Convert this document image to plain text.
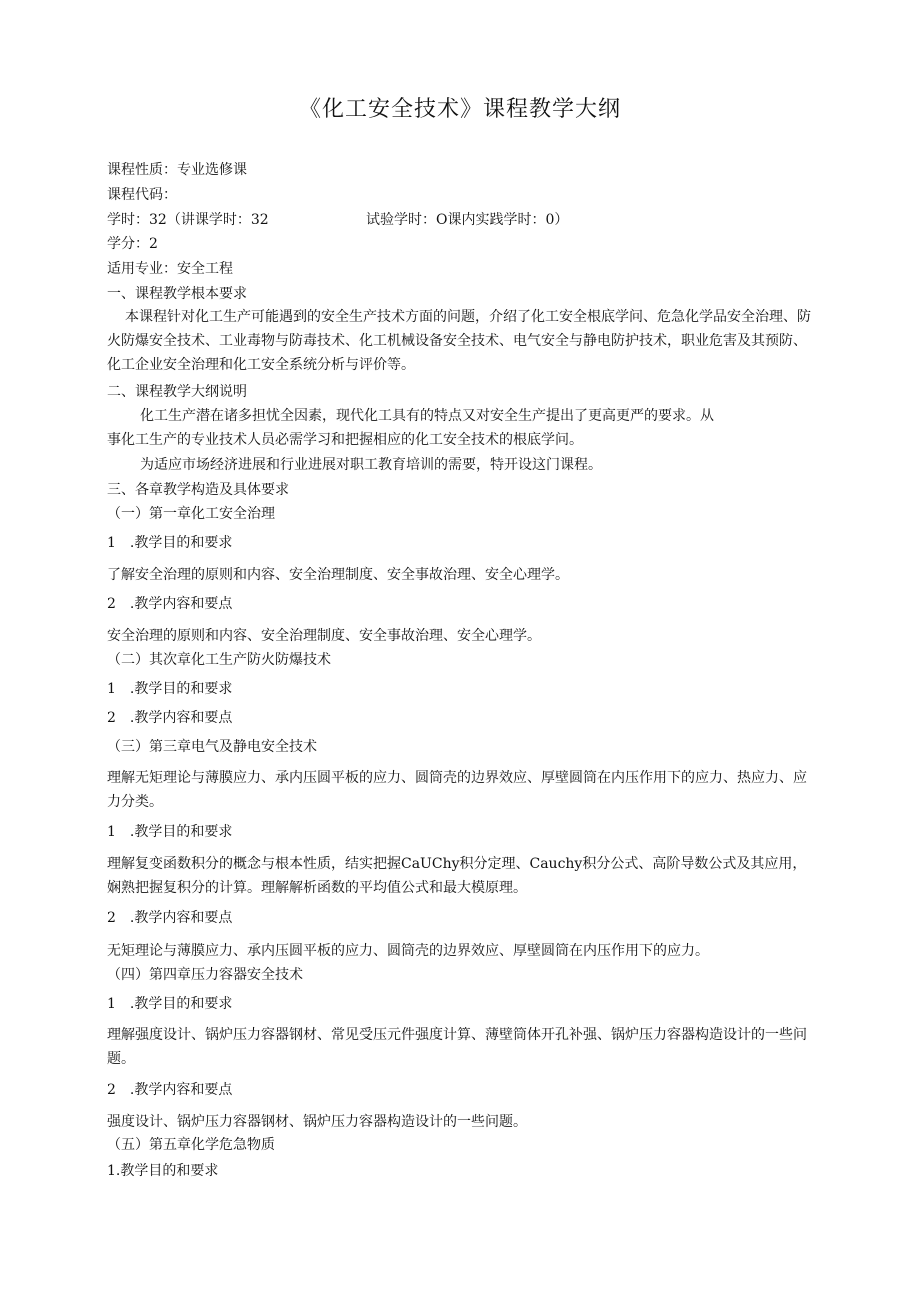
《化工安全技术》课程教学大纲
课程性质：专业选修课
课程代码：
学时：32（讲课学时：32	试验学时：O课内实践学时：0）
学分：2
适用专业：安全工程
一、课程教学根本要求
本课程针对化工生产可能遇到的安全生产技术方面的问题，介绍了化工安全根底学问、危急化学品安全治理、防火防爆安全技术、工业毒物与防毒技术、化工机械设备安全技术、电气安全与静电防护技术，职业危害及其预防、化工企业安全治理和化工安全系统分析与评价等。
二、课程教学大纲说明
化工生产潜在诸多担忧全因素，现代化工具有的特点又对安全生产提出了更高更严的要求。从
事化工生产的专业技术人员必需学习和把握相应的化工安全技术的根底学问。
为适应市场经济进展和行业进展对职工教育培训的需要，特开设这门课程。
三、各章教学构造及具体要求
（一）第一章化工安全治理
1 .教学目的和要求
了解安全治理的原则和内容、安全治理制度、安全事故治理、安全心理学。
2 .教学内容和要点
安全治理的原则和内容、安全治理制度、安全事故治理、安全心理学。
（二）其次章化工生产防火防爆技术
1 .教学目的和要求
2 .教学内容和要点
（三）第三章电气及静电安全技术
理解无矩理论与薄膜应力、承内压圆平板的应力、圆筒壳的边界效应、厚壁圆筒在内压作用下的应力、热应力、应力分类。
1 .教学目的和要求
理解复变函数积分的概念与根本性质，结实把握CaUChy积分定理、Cauchy积分公式、高阶导数公式及其应用，娴熟把握复积分的计算。理解解析函数的平均值公式和最大模原理。
2 .教学内容和要点
无矩理论与薄膜应力、承内压圆平板的应力、圆筒壳的边界效应、厚壁圆筒在内压作用下的应力。
（四）第四章压力容器安全技术
1 .教学目的和要求
理解强度设计、锅炉压力容器钢材、常见受压元件强度计算、薄壁筒体开孔补强、锅炉压力容器构造设计的一些问题。
2 .教学内容和要点
强度设计、锅炉压力容器钢材、锅炉压力容器构造设计的一些问题。
（五）第五章化学危急物质
1.教学目的和要求
